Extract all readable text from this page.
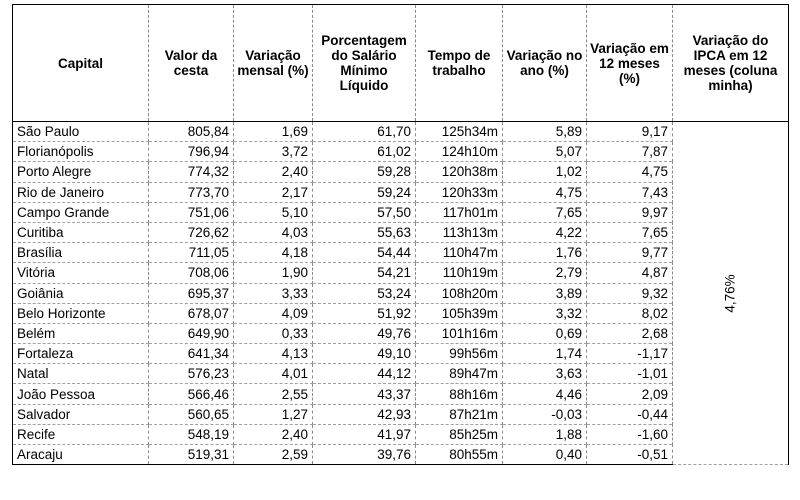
Capital	Valor da cesta	Variação mensal (%)	Porcentagem do Salário Mínimo Líquido	Tempo de trabalho	Variação no ano (%)	Variação em 12 meses (%)	Variação do IPCA em 12 meses (coluna minha)
São Paulo	805,84	1,69	61,70	125h34m	5,89	9,17	4,76%
Florianópolis	796,94	3,72	61,02	124h10m	5,07	7,87	
Porto Alegre	774,32	2,40	59,28	120h38m	1,02	4,75	
Rio de Janeiro	773,70	2,17	59,24	120h33m	4,75	7,43	
Campo Grande	751,06	5,10	57,50	117h01m	7,65	9,97	
Curitiba	726,62	4,03	55,63	113h13m	4,22	7,65	
Brasília	711,05	4,18	54,44	110h47m	1,76	9,77	
Vitória	708,06	1,90	54,21	110h19m	2,79	4,87	
Goiânia	695,37	3,33	53,24	108h20m	3,89	9,32	
Belo Horizonte	678,07	4,09	51,92	105h39m	3,32	8,02	
Belém	649,90	0,33	49,76	101h16m	0,69	2,68	
Fortaleza	641,34	4,13	49,10	99h56m	1,74	-1,17	
Natal	576,23	4,01	44,12	89h47m	3,63	-1,01	
João Pessoa	566,46	2,55	43,37	88h16m	4,46	2,09	
Salvador	560,65	1,27	42,93	87h21m	-0,03	-0,44	
Recife	548,19	2,40	41,97	85h25m	1,88	-1,60	
Aracaju	519,31	2,59	39,76	80h55m	0,40	-0,51	
